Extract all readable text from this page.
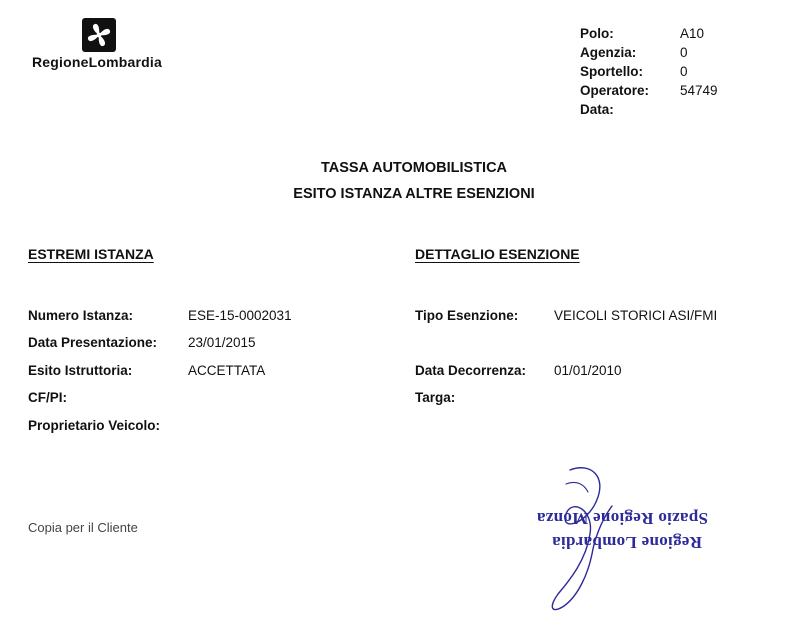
RegioneLombardia
Polo:	A10
Agenzia:	0
Sportello:	0
Operatore: 54749
Data:
TASSA AUTOMOBILISTICA
ESITO ISTANZA ALTRE ESENZIONI
ESTREMI ISTANZA	DETTAGLIO ESENZIONE
Numero Istanza:	ESE-15-0002031
Data Presentazione: 23/01/2015
Esito Istruttoria:	ACCETTATA
CF/PI:
Proprietario Veicolo:
Tipo Esenzione:	VEICOLI STORICI ASI/FMI
Data Decorrenza: 01/01/2010
Targa:
Copia per il Cliente
Regione Lombardia
Spazio Regione Monza
